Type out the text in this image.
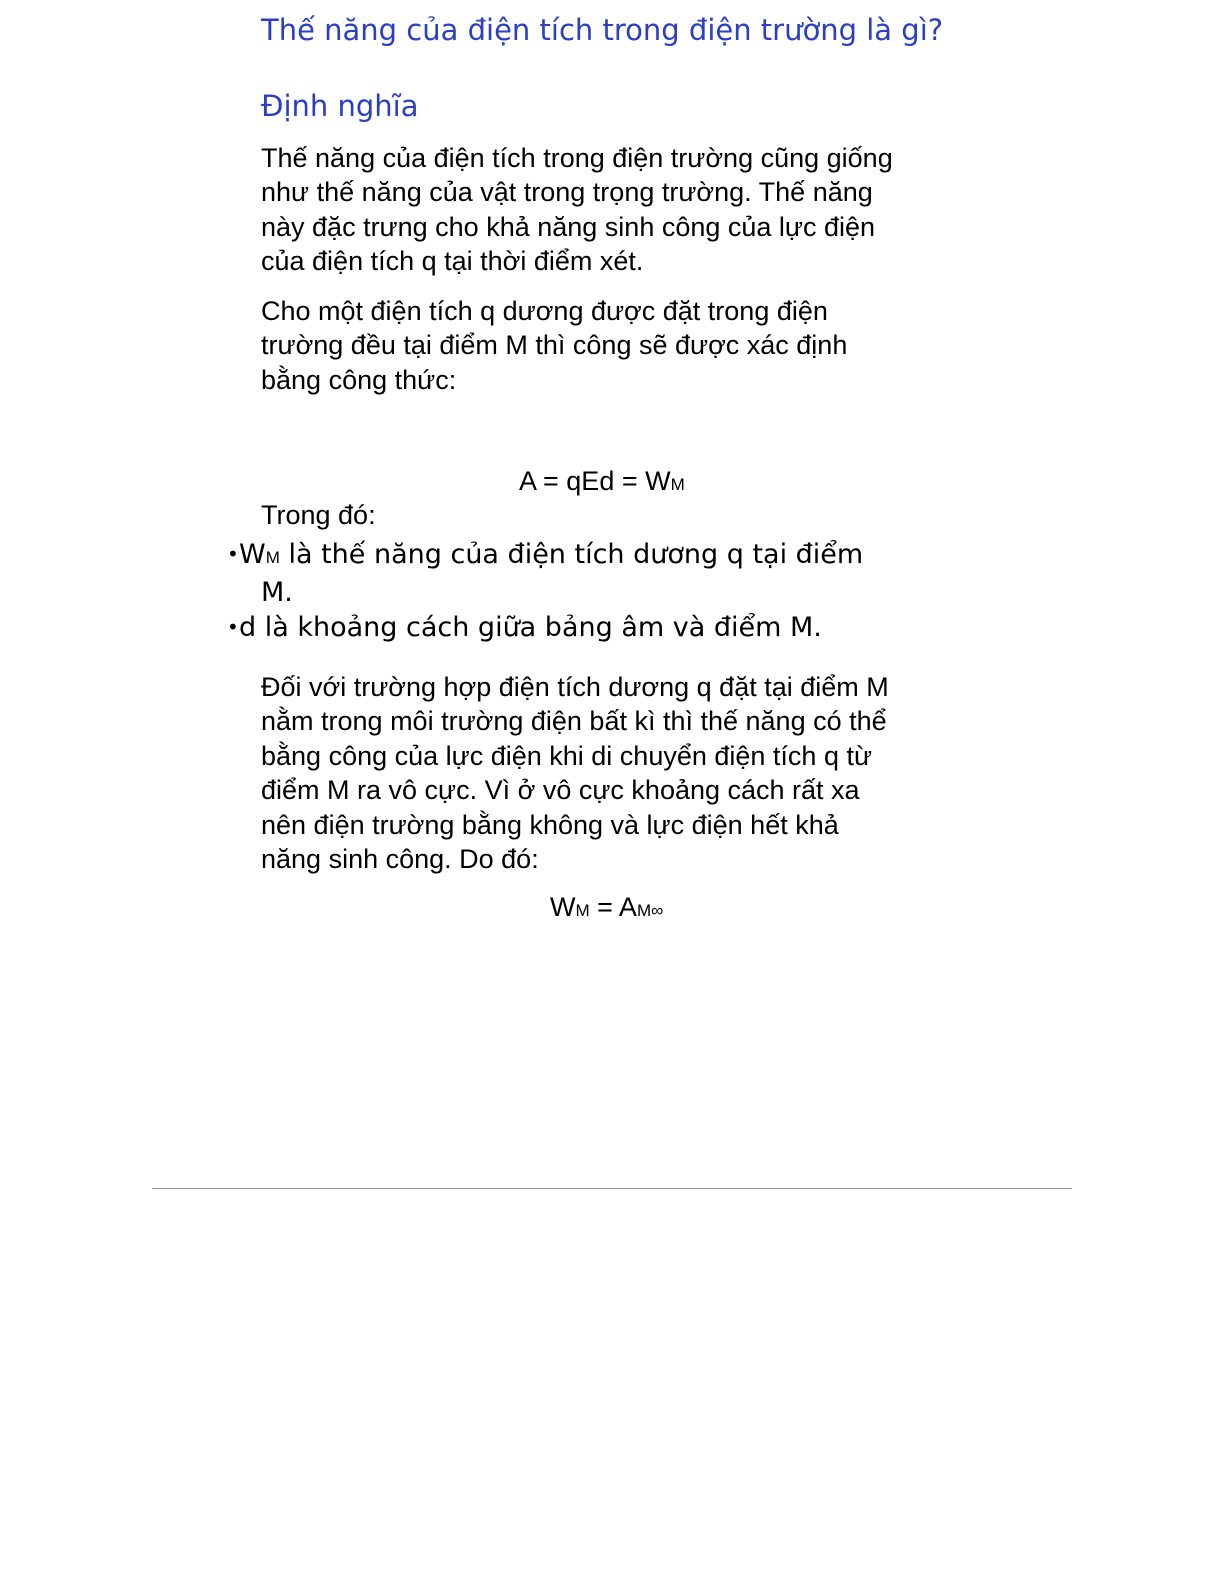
Thế năng của điện tích trong điện trường là gì?
Định nghĩa

Thế năng của điện tích trong điện trường cũng giống
như thế năng của vật trong trọng trường. Thế năng
này đặc trưng cho khả năng sinh công của lực điện
của điện tích q tại thời điểm xét.

Cho một điện tích q dương được đặt trong điện
trường đều tại điểm M thì công sẽ được xác định
bằng công thức:

A = qEd = WM

Trong đó:

• WM là thế năng của điện tích dương q tại điểm
M.
• d là khoảng cách giữa bảng âm và điểm M.

Đối với trường hợp điện tích dương q đặt tại điểm M
nằm trong môi trường điện bất kì thì thế năng có thể
bằng công của lực điện khi di chuyển điện tích q từ
điểm M ra vô cực. Vì ở vô cực khoảng cách rất xa
nên điện trường bằng không và lực điện hết khả
năng sinh công. Do đó:

WM = AM∞
